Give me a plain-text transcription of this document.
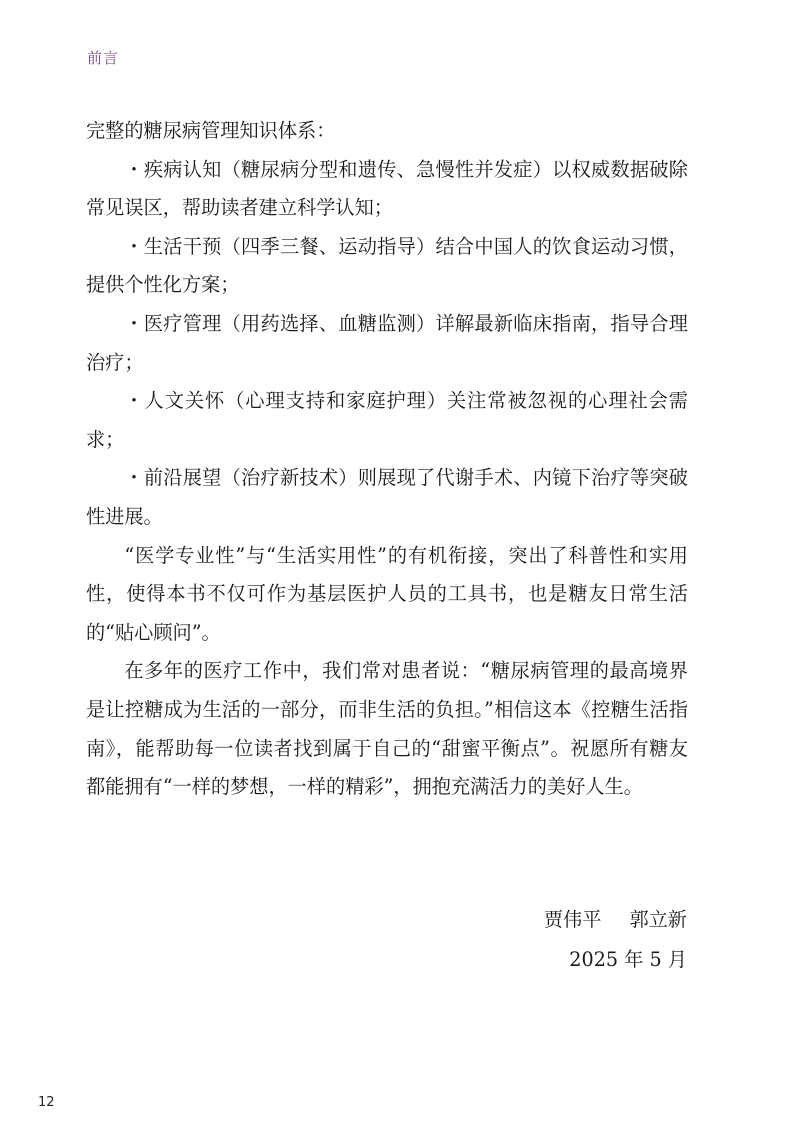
前言

完整的糖尿病管理知识体系：

・疾病认知（糖尿病分型和遗传、急慢性并发症）以权威数据破除常见误区，帮助读者建立科学认知；

・生活干预（四季三餐、运动指导）结合中国人的饮食运动习惯，提供个性化方案；

・医疗管理（用药选择、血糖监测）详解最新临床指南，指导合理治疗；

・人文关怀（心理支持和家庭护理）关注常被忽视的心理社会需求；

・前沿展望（治疗新技术）则展现了代谢手术、内镜下治疗等突破性进展。

“医学专业性”与“生活实用性”的有机衔接，突出了科普性和实用性，使得本书不仅可作为基层医护人员的工具书，也是糖友日常生活的“贴心顾问”。

在多年的医疗工作中，我们常对患者说：“糖尿病管理的最高境界是让控糖成为生活的一部分，而非生活的负担。”相信这本《控糖生活指南》，能帮助每一位读者找到属于自己的“甜蜜平衡点”。祝愿所有糖友都能拥有“一样的梦想，一样的精彩”，拥抱充满活力的美好人生。

贾伟平 郭立新
2025 年 5 月
12
